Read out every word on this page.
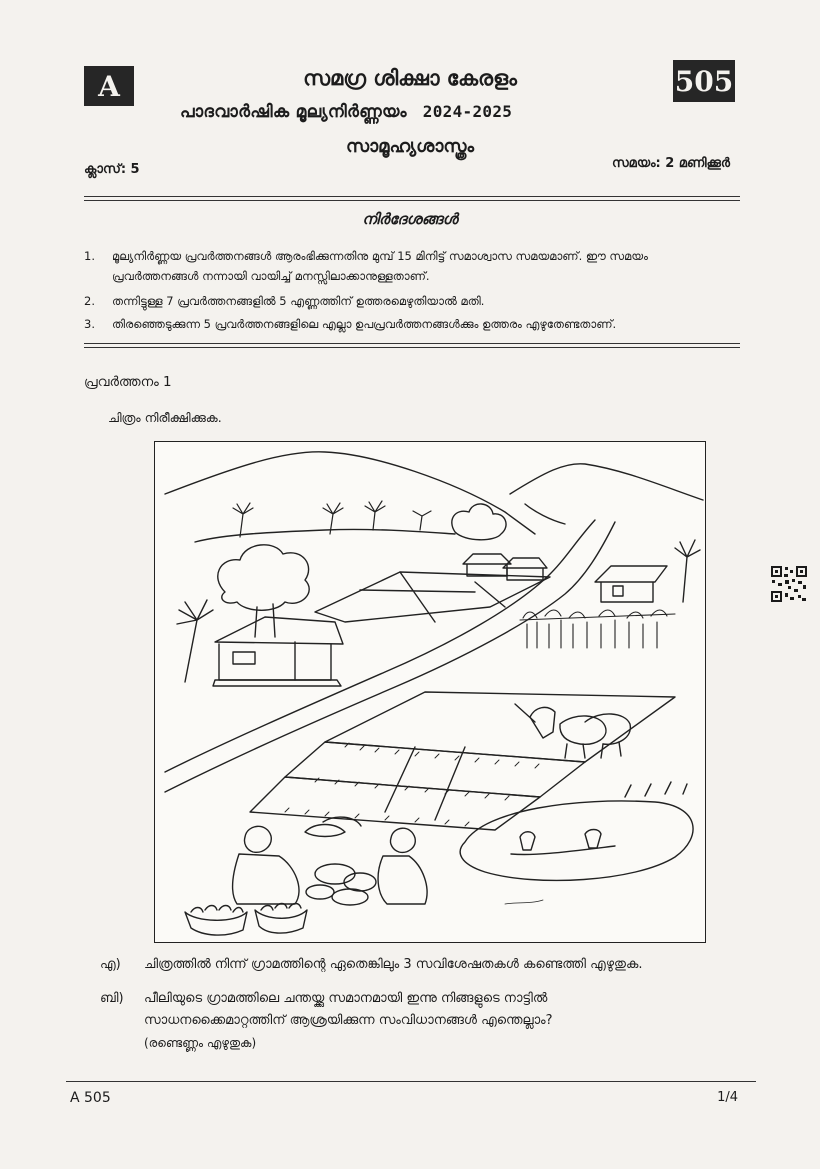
A	സമഗ്ര ശിക്ഷാ കേരളം	505
പാദവാർഷിക മൂല്യനിർണ്ണയം 2024-2025
സാമൂഹ്യശാസ്ത്രം
ക്ലാസ്: 5	സമയം: 2 മണിക്കൂർ
നിർദേശങ്ങൾ
1.	മൂല്യനിർണ്ണയ പ്രവർത്തനങ്ങൾ ആരംഭിക്കുന്നതിനു മുമ്പ് 15 മിനിട്ട് സമാശ്വാസ സമയമാണ്. ഈ സമയം പ്രവർത്തനങ്ങൾ നന്നായി വായിച്ച് മനസ്സിലാക്കാനുള്ളതാണ്.
2.	തന്നിട്ടുള്ള 7 പ്രവർത്തനങ്ങളിൽ 5 എണ്ണത്തിന് ഉത്തരമെഴുതിയാൽ മതി.
3.	തിരഞ്ഞെടുക്കുന്ന 5 പ്രവർത്തനങ്ങളിലെ എല്ലാ ഉപപ്രവർത്തനങ്ങൾക്കും ഉത്തരം എഴുതേണ്ടതാണ്.
പ്രവർത്തനം 1
ചിത്രം നിരീക്ഷിക്കുക.
എ) ചിത്രത്തിൽ നിന്ന് ഗ്രാമത്തിന്റെ ഏതെങ്കിലും 3 സവിശേഷതകൾ കണ്ടെത്തി എഴുതുക.
ബി) പീലിയുടെ ഗ്രാമത്തിലെ ചന്തയ്ക്കു സമാനമായി ഇന്നു നിങ്ങളുടെ നാട്ടിൽ
സാധനക്കൈമാറ്റത്തിന് ആശ്രയിക്കുന്ന സംവിധാനങ്ങൾ എന്തെല്ലാം?
(രണ്ടെണ്ണം എഴുതുക)
A 505	1/4
